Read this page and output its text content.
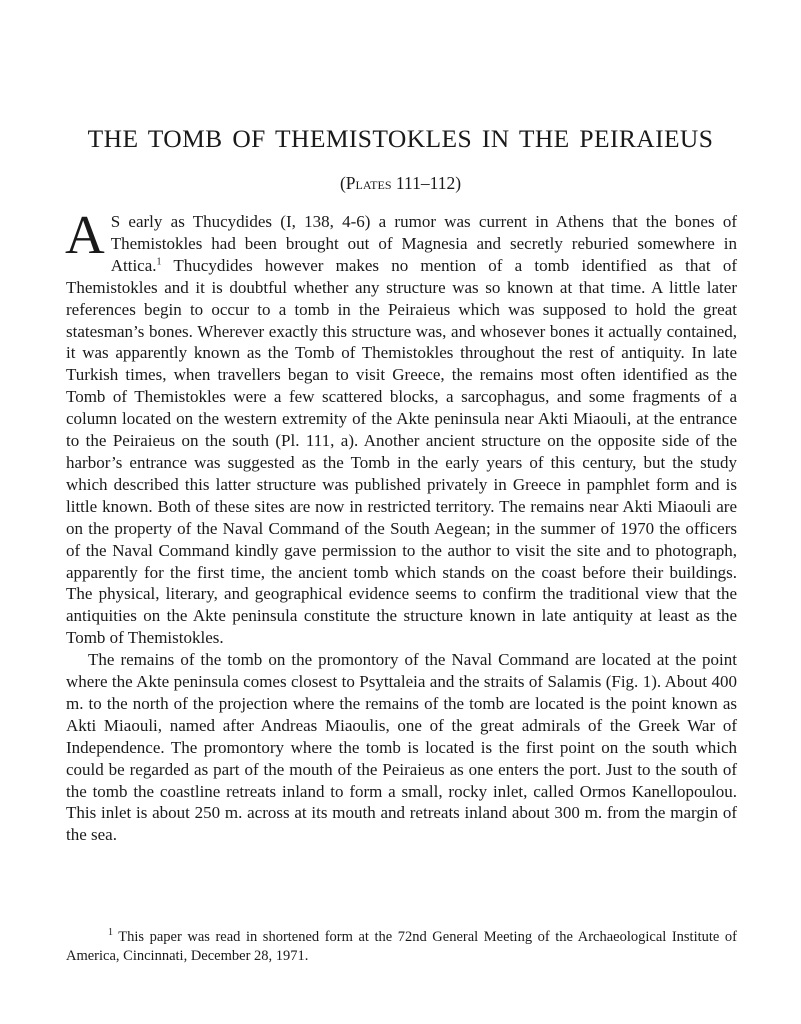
THE TOMB OF THEMISTOKLES IN THE PEIRAIEUS
(Plates 111–112)

A S early as Thucydides (I, 138, 4-6) a rumor was current in Athens that the bones of Themistokles had been brought out of Magnesia and secretly reburied somewhere in Attica.$^1$ Thucydides however makes no mention of a tomb identified as that of Themistokles and it is doubtful whether any structure was so known at that time. A little later references begin to occur to a tomb in the Peiraieus which was supposed to hold the great statesman’s bones. Wherever exactly this structure was, and whosever bones it actually contained, it was apparently known as the Tomb of Themistokles throughout the rest of antiquity. In late Turkish times, when travellers began to visit Greece, the remains most often identified as the Tomb of Themistokles were a few scattered blocks, a sarcophagus, and some fragments of a column located on the western extremity of the Akte peninsula near Akti Miaouli, at the entrance to the Peiraieus on the south (Pl. 111, a). Another ancient structure on the opposite side of the harbor’s entrance was suggested as the Tomb in the early years of this century, but the study which described this latter structure was published privately in Greece in pamphlet form and is little known. Both of these sites are now in restricted territory. The remains near Akti Miaouli are on the property of the Naval Command of the South Aegean; in the summer of 1970 the officers of the Naval Command kindly gave permission to the author to visit the site and to photograph, apparently for the first time, the ancient tomb which stands on the coast before their buildings. The physical, literary, and geographical evidence seems to confirm the traditional view that the antiquities on the Akte peninsula constitute the structure known in late antiquity at least as the Tomb of Themistokles.

The remains of the tomb on the promontory of the Naval Command are located at the point where the Akte peninsula comes closest to Psyttaleia and the straits of Salamis (Fig. 1). About 400 m. to the north of the projection where the remains of the tomb are located is the point known as Akti Miaouli, named after Andreas Miaoulis, one of the great admirals of the Greek War of Independence. The promontory where the tomb is located is the first point on the south which could be regarded as part of the mouth of the Peiraieus as one enters the port. Just to the south of the tomb the coastline retreats inland to form a small, rocky inlet, called Ormos Kanellopoulou. This inlet is about 250 m. across at its mouth and retreats inland about 300 m. from the margin of the sea.

$^1$ This paper was read in shortened form at the 72nd General Meeting of the Archaeological Institute of America, Cincinnati, December 28, 1971.
